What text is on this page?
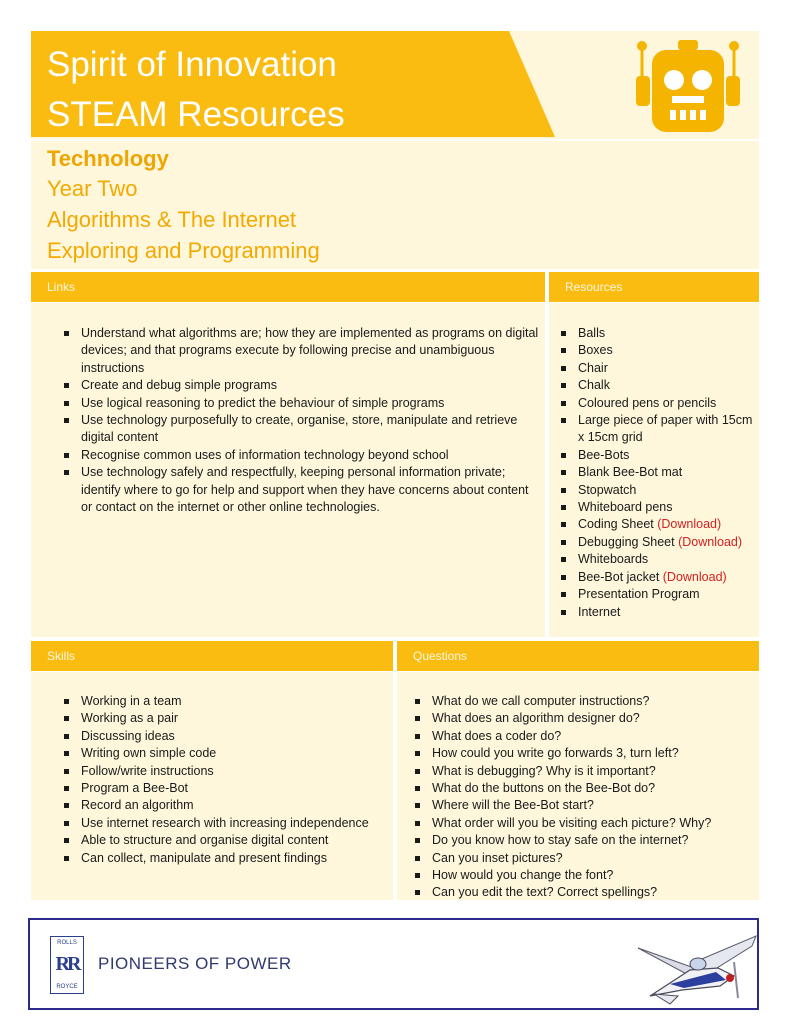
Spirit of Innovation
STEAM Resources
Technology
Year Two
Algorithms & The Internet
Exploring and Programming
Links
Understand what algorithms are; how they are implemented as programs on digital devices; and that programs execute by following precise and unambiguous instructions
Create and debug simple programs
Use logical reasoning to predict the behaviour of simple programs
Use technology purposefully to create, organise, store, manipulate and retrieve digital content
Recognise common uses of information technology beyond school
Use technology safely and respectfully, keeping personal information private; identify where to go for help and support when they have concerns about content or contact on the internet or other online technologies.
Resources
Balls
Boxes
Chair
Chalk
Coloured pens or pencils
Large piece of paper with 15cm x 15cm grid
Bee-Bots
Blank Bee-Bot mat
Stopwatch
Whiteboard pens
Coding Sheet (Download)
Debugging Sheet (Download)
Whiteboards
Bee-Bot jacket (Download)
Presentation Program
Internet
Skills
Working in a team
Working as a pair
Discussing ideas
Writing own simple code
Follow/write instructions
Program a Bee-Bot
Record an algorithm
Use internet research with increasing independence
Able to structure and organise digital content
Can collect, manipulate and present findings
Questions
What do we call computer instructions?
What does an algorithm designer do?
What does a coder do?
How could you write go forwards 3, turn left?
What is debugging? Why is it important?
What do the buttons on the Bee-Bot do?
Where will the Bee-Bot start?
What order will you be visiting each picture? Why?
Do you know how to stay safe on the internet?
Can you inset pictures?
How would you change the font?
Can you edit the text? Correct spellings?
ROLLS
RR
ROYCE
PIONEERS OF POWER
